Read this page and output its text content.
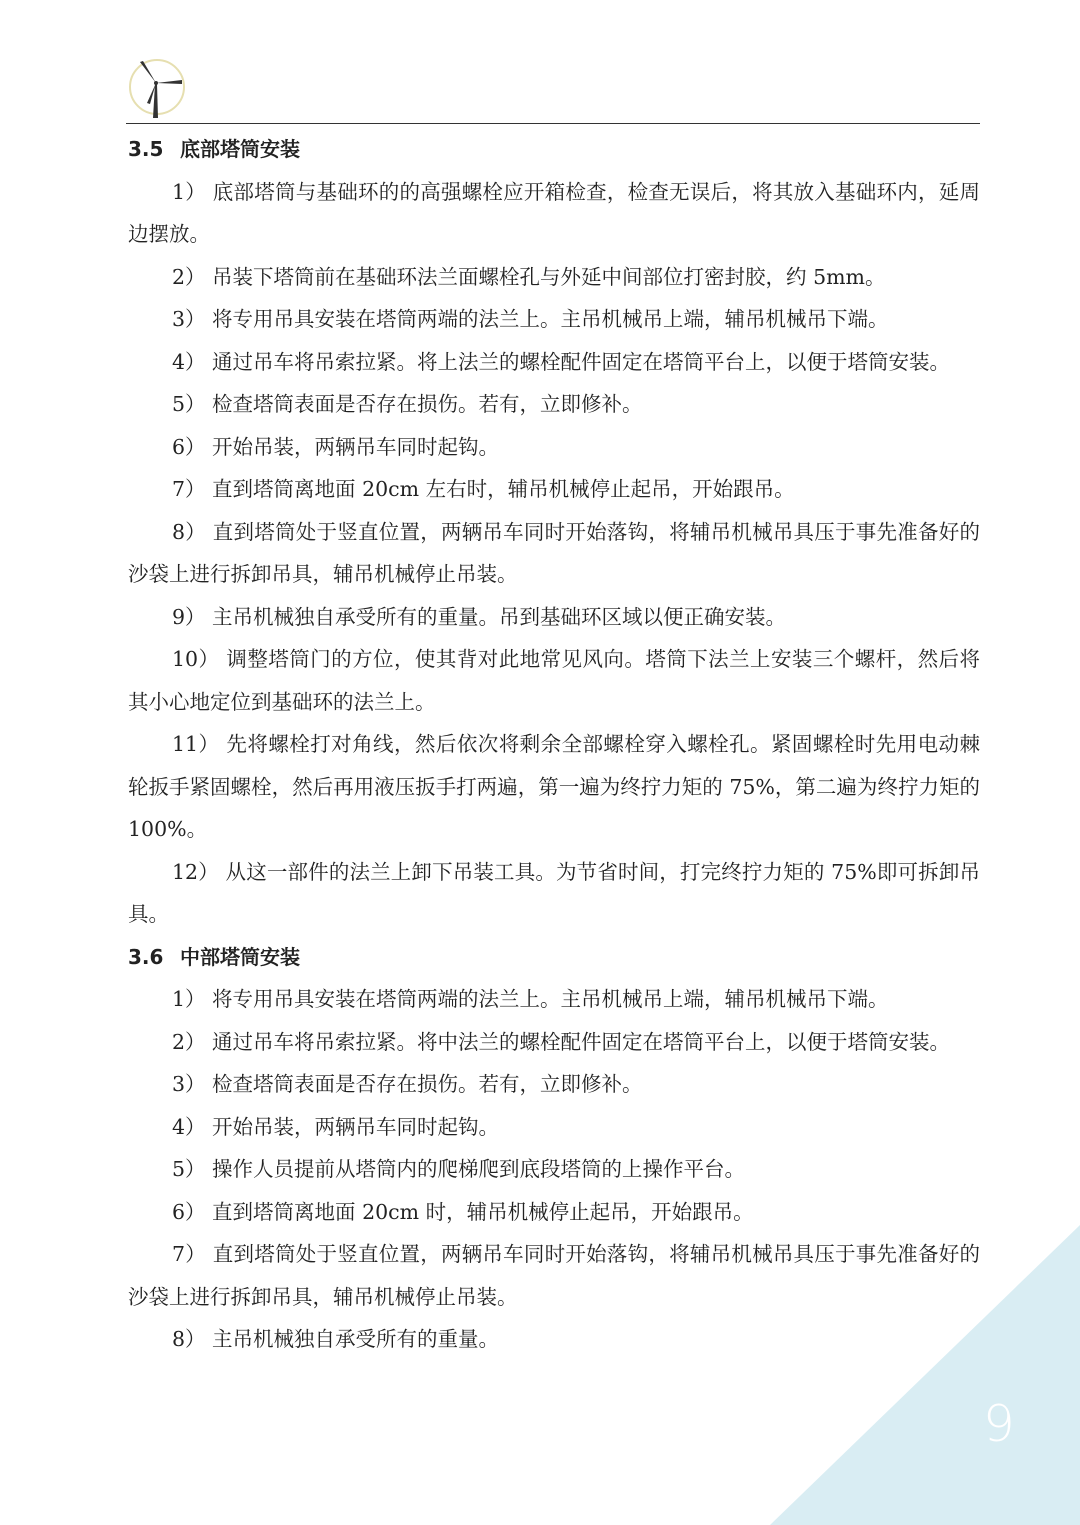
9
3.5 底部塔筒安装

1） 底部塔筒与基础环的的高强螺栓应开箱检查，检查无误后，将其放入基础环内，延周边摆放。

2） 吊装下塔筒前在基础环法兰面螺栓孔与外延中间部位打密封胶，约 5mm。

3） 将专用吊具安装在塔筒两端的法兰上。主吊机械吊上端，辅吊机械吊下端。

4） 通过吊车将吊索拉紧。将上法兰的螺栓配件固定在塔筒平台上，以便于塔筒安装。

5） 检查塔筒表面是否存在损伤。若有，立即修补。

6） 开始吊装，两辆吊车同时起钩。

7） 直到塔筒离地面 20cm 左右时，辅吊机械停止起吊，开始跟吊。

8） 直到塔筒处于竖直位置，两辆吊车同时开始落钩，将辅吊机械吊具压于事先准备好的沙袋上进行拆卸吊具，辅吊机械停止吊装。

9） 主吊机械独自承受所有的重量。吊到基础环区域以便正确安装。

10） 调整塔筒门的方位，使其背对此地常见风向。塔筒下法兰上安装三个螺杆，然后将其小心地定位到基础环的法兰上。

11） 先将螺栓打对角线，然后依次将剩余全部螺栓穿入螺栓孔。紧固螺栓时先用电动棘轮扳手紧固螺栓，然后再用液压扳手打两遍，第一遍为终拧力矩的 75%，第二遍为终拧力矩的 100%。

12） 从这一部件的法兰上卸下吊装工具。为节省时间，打完终拧力矩的 75%即可拆卸吊具。

3.6 中部塔筒安装

1） 将专用吊具安装在塔筒两端的法兰上。主吊机械吊上端，辅吊机械吊下端。

2） 通过吊车将吊索拉紧。将中法兰的螺栓配件固定在塔筒平台上，以便于塔筒安装。

3） 检查塔筒表面是否存在损伤。若有，立即修补。

4） 开始吊装，两辆吊车同时起钩。

5） 操作人员提前从塔筒内的爬梯爬到底段塔筒的上操作平台。

6） 直到塔筒离地面 20cm 时，辅吊机械停止起吊，开始跟吊。

7） 直到塔筒处于竖直位置，两辆吊车同时开始落钩，将辅吊机械吊具压于事先准备好的沙袋上进行拆卸吊具，辅吊机械停止吊装。

8） 主吊机械独自承受所有的重量。
